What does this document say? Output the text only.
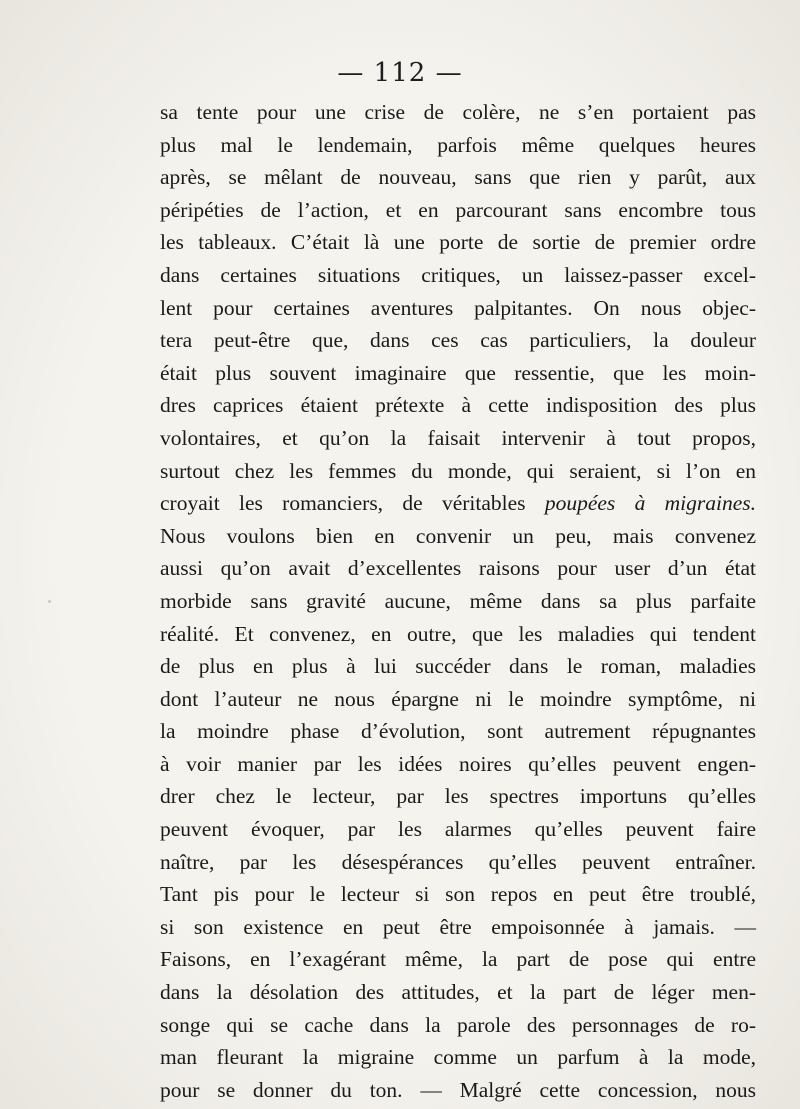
— 112 —
sa tente pour une crise de colère, ne s’en portaient pas
plus mal le lendemain, parfois même quelques heures
après, se mêlant de nouveau, sans que rien y parût, aux
péripéties de l’action, et en parcourant sans encombre tous
les tableaux. C’était là une porte de sortie de premier ordre
dans certaines situations critiques, un laissez-passer excel-
lent pour certaines aventures palpitantes. On nous objec-
tera peut-être que, dans ces cas particuliers, la douleur
était plus souvent imaginaire que ressentie, que les moin-
dres caprices étaient prétexte à cette indisposition des plus
volontaires, et qu’on la faisait intervenir à tout propos,
surtout chez les femmes du monde, qui seraient, si l’on en
croyait les romanciers, de véritables poupées à migraines.
Nous voulons bien en convenir un peu, mais convenez
aussi qu’on avait d’excellentes raisons pour user d’un état
morbide sans gravité aucune, même dans sa plus parfaite
réalité. Et convenez, en outre, que les maladies qui tendent
de plus en plus à lui succéder dans le roman, maladies
dont l’auteur ne nous épargne ni le moindre symptôme, ni
la moindre phase d’évolution, sont autrement répugnantes
à voir manier par les idées noires qu’elles peuvent engen-
drer chez le lecteur, par les spectres importuns qu’elles
peuvent évoquer, par les alarmes qu’elles peuvent faire
naître, par les désespérances qu’elles peuvent entraîner.
Tant pis pour le lecteur si son repos en peut être troublé,
si son existence en peut être empoisonnée à jamais. —
Faisons, en l’exagérant même, la part de pose qui entre
dans la désolation des attitudes, et la part de léger men-
songe qui se cache dans la parole des personnages de ro-
man fleurant la migraine comme un parfum à la mode,
pour se donner du ton. — Malgré cette concession, nous
